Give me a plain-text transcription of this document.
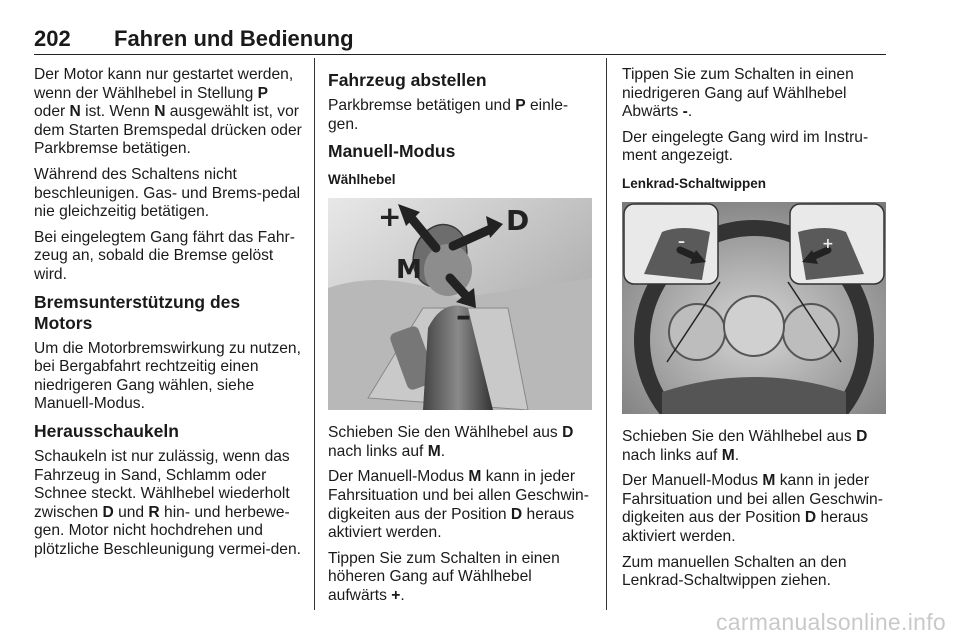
202 Fahren und Bedienung

Der Motor kann nur gestartet werden, wenn der Wählhebel in Stellung P oder N ist. Wenn N ausgewählt ist, vor dem Starten Bremspedal drücken oder Parkbremse betätigen.

Während des Schaltens nicht beschleunigen. Gas- und Brems-pedal nie gleichzeitig betätigen.

Bei eingelegtem Gang fährt das Fahr-zeug an, sobald die Bremse gelöst wird.

Bremsunterstützung des Motors

Um die Motorbremswirkung zu nutzen, bei Bergabfahrt rechtzeitig einen niedrigeren Gang wählen, siehe Manuell-Modus.

Herausschaukeln

Schaukeln ist nur zulässig, wenn das Fahrzeug in Sand, Schlamm oder Schnee steckt. Wählhebel wiederholt zwischen D und R hin- und herbewe-gen. Motor nicht hochdrehen und plötzliche Beschleunigung vermei-den.

Fahrzeug abstellen

Parkbremse betätigen und P einle-gen.

Manuell-Modus
Wählhebel
+	D
M
–

Schieben Sie den Wählhebel aus D nach links auf M.

Der Manuell-Modus M kann in jeder Fahrsituation und bei allen Geschwin-digkeiten aus der Position D heraus aktiviert werden.

Tippen Sie zum Schalten in einen höheren Gang auf Wählhebel aufwärts +.

Tippen Sie zum Schalten in einen niedrigeren Gang auf Wählhebel Abwärts -.

Der eingelegte Gang wird im Instru-ment angezeigt.

Lenkrad-Schaltwippen
–	+

Schieben Sie den Wählhebel aus D nach links auf M.

Der Manuell-Modus M kann in jeder Fahrsituation und bei allen Geschwin-digkeiten aus der Position D heraus aktiviert werden.

Zum manuellen Schalten an den Lenkrad-Schaltwippen ziehen.

carmanualsonline.info
